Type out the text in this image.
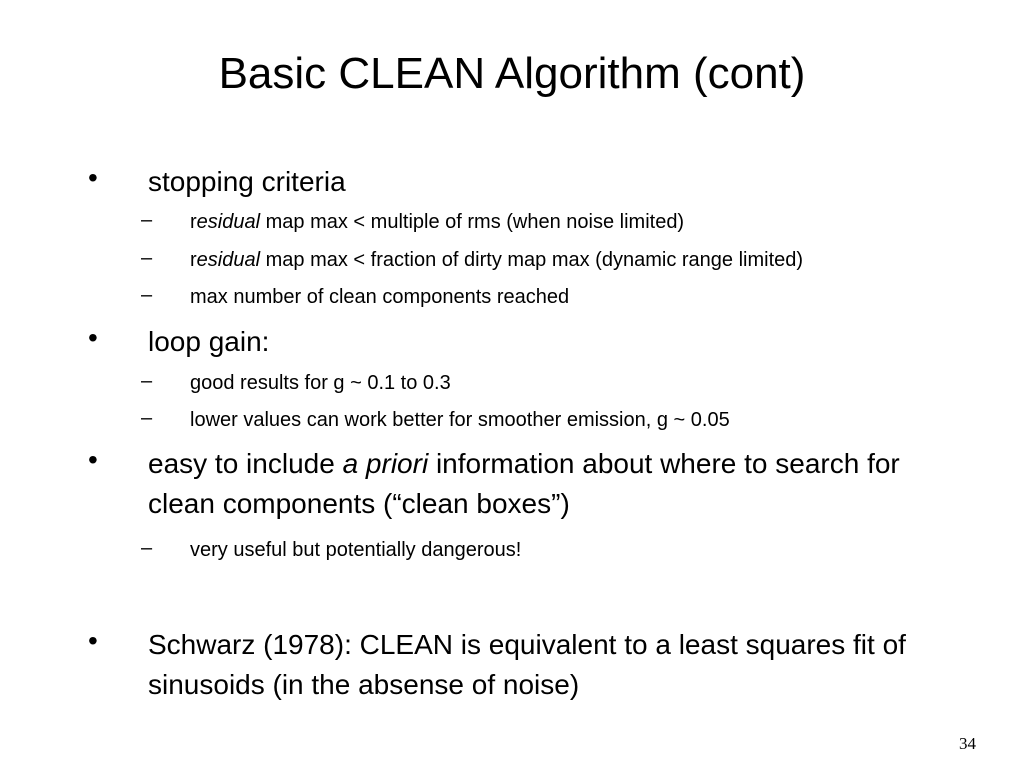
Basic CLEAN Algorithm (cont)
• stopping criteria
– residual map max < multiple of rms (when noise limited)
– residual map max < fraction of dirty map max (dynamic range limited)
– max number of clean components reached
• loop gain:
– good results for g ~ 0.1 to 0.3
– lower values can work better for smoother emission, g ~ 0.05
• easy to include a priori information about where to search for clean components (“clean boxes”)
– very useful but potentially dangerous!
• Schwarz (1978): CLEAN is equivalent to a least squares fit of sinusoids (in the absense of noise)
34
